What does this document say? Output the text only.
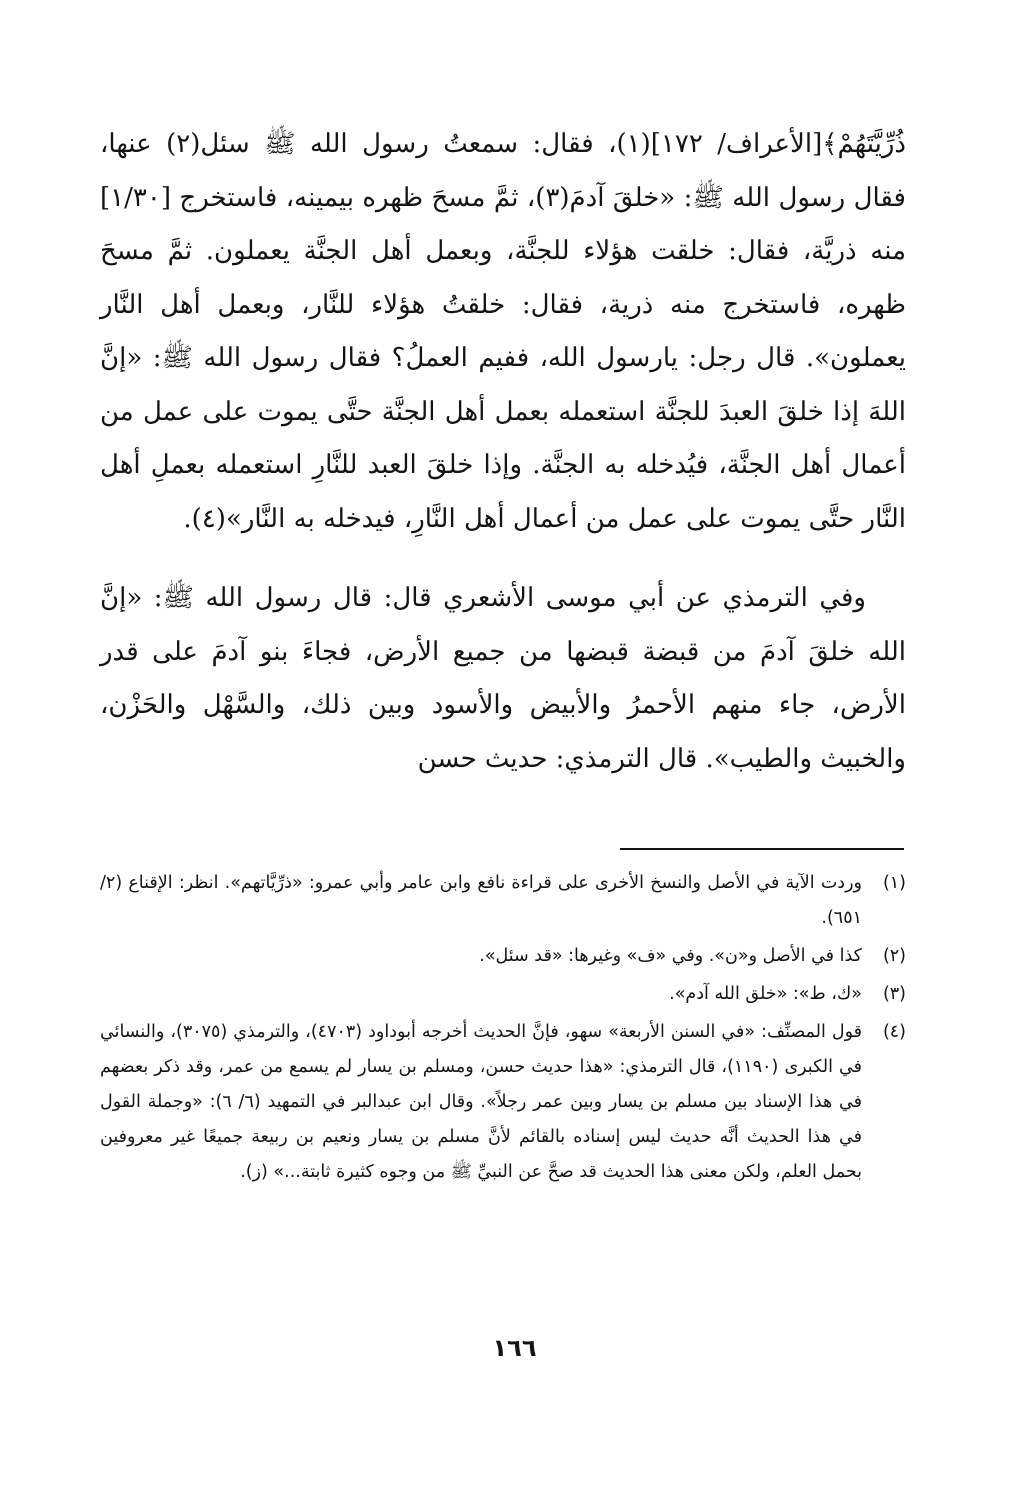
ذُرِّيَّتَهُمْ﴾[الأعراف/ ١٧٢](١)، فقال: سمعتُ رسول الله ﷺ سئل(٢) عنها، فقال رسول الله ﷺ: «خلقَ آدمَ(٣)، ثمَّ مسحَ ظهره بيمينه، فاستخرج [١/٣٠] منه ذريَّة، فقال: خلقت هؤلاء للجنَّة، وبعمل أهل الجنَّة يعملون. ثمَّ مسحَ ظهره، فاستخرج منه ذرية، فقال: خلقتُ هؤلاء للنَّار، وبعمل أهل النَّار يعملون». قال رجل: يارسول الله، ففيم العملُ؟ فقال رسول الله ﷺ: «إنَّ اللهَ إذا خلقَ العبدَ للجنَّة استعمله بعمل أهل الجنَّة حتَّى يموت على عمل من أعمال أهل الجنَّة، فيُدخله به الجنَّة. وإذا خلقَ العبد للنَّارِ استعمله بعملِ أهل النَّار حتَّى يموت على عمل من أعمال أهل النَّارِ، فيدخله به النَّار»(٤).

وفي الترمذي عن أبي موسى الأشعري قال: قال رسول الله ﷺ: «إنَّ الله خلقَ آدمَ من قبضة قبضها من جميع الأرض، فجاءَ بنو آدمَ على قدر الأرض، جاء منهم الأحمرُ والأبيض والأسود وبين ذلك، والسَّهْل والحَزْن، والخبيث والطيب». قال الترمذي: حديث حسن

(١)
وردت الآية في الأصل والنسخ الأخرى على قراءة نافع وابن عامر وأبي عمرو: «ذرِّيَّاتهم». انظر: الإقناع (٢/ ٦٥١).
(٢)
كذا في الأصل و«ن». وفي «ف» وغيرها: «قد سئل».
(٣)
«ك، ط»: «خلق الله آدم».
(٤)
قول المصنِّف: «في السنن الأربعة» سهو، فإنَّ الحديث أخرجه أبوداود (٤٧٠٣)، والترمذي (٣٠٧٥)، والنسائي في الكبرى (١١٩٠)، قال الترمذي: «هذا حديث حسن، ومسلم بن يسار لم يسمع من عمر، وقد ذكر بعضهم في هذا الإسناد بين مسلم بن يسار وبين عمر رجلاً». وقال ابن عبدالبر في التمهيد (٦/ ٦): «وجملة القول في هذا الحديث أنَّه حديث ليس إسناده بالقائم لأنَّ مسلم بن يسار ونعيم بن ربيعة جميعًا غير معروفين بحمل العلم، ولكن معنى هذا الحديث قد صحَّ عن النبيِّ ﷺ من وجوه كثيرة ثابتة...» (ز).
١٦٦
